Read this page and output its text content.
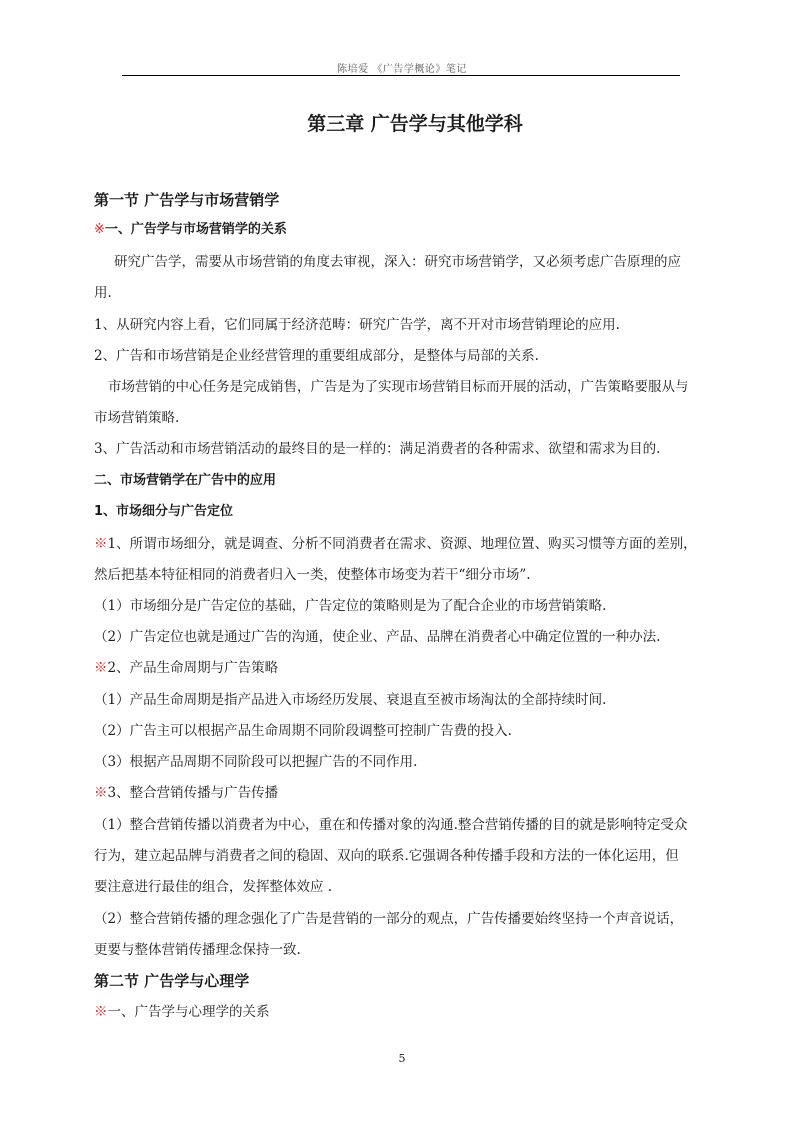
陈培爱 《广告学概论》笔记
第三章 广告学与其他学科
第一节 广告学与市场营销学
※一、广告学与市场营销学的关系
研究广告学，需要从市场营销的角度去审视，深入：研究市场营销学，又必须考虑广告原理的应
用.
1、从研究内容上看，它们同属于经济范畴：研究广告学，离不开对市场营销理论的应用.
2、广告和市场营销是企业经营管理的重要组成部分，是整体与局部的关系.
市场营销的中心任务是完成销售，广告是为了实现市场营销目标而开展的活动，广告策略要服从与
市场营销策略.
3、广告活动和市场营销活动的最终目的是一样的：满足消费者的各种需求、欲望和需求为目的.
二、市场营销学在广告中的应用
1、市场细分与广告定位
※1、所谓市场细分，就是调查、分析不同消费者在需求、资源、地理位置、购买习惯等方面的差别，
然后把基本特征相同的消费者归入一类，使整体市场变为若干“细分市场”.
（1）市场细分是广告定位的基础，广告定位的策略则是为了配合企业的市场营销策略.
（2）广告定位也就是通过广告的沟通，使企业、产品、品牌在消费者心中确定位置的一种办法.
※2、产品生命周期与广告策略
（1）产品生命周期是指产品进入市场经历发展、衰退直至被市场淘汰的全部持续时间.
（2）广告主可以根据产品生命周期不同阶段调整可控制广告费的投入.
（3）根据产品周期不同阶段可以把握广告的不同作用.
※3、整合营销传播与广告传播
（1）整合营销传播以消费者为中心，重在和传播对象的沟通.整合营销传播的目的就是影响特定受众
行为，建立起品牌与消费者之间的稳固、双向的联系.它强调各种传播手段和方法的一体化运用，但
要注意进行最佳的组合，发挥整体效应 .
（2）整合营销传播的理念强化了广告是营销的一部分的观点，广告传播要始终坚持一个声音说话，
更要与整体营销传播理念保持一致.
第二节 广告学与心理学
※一、广告学与心理学的关系
5
